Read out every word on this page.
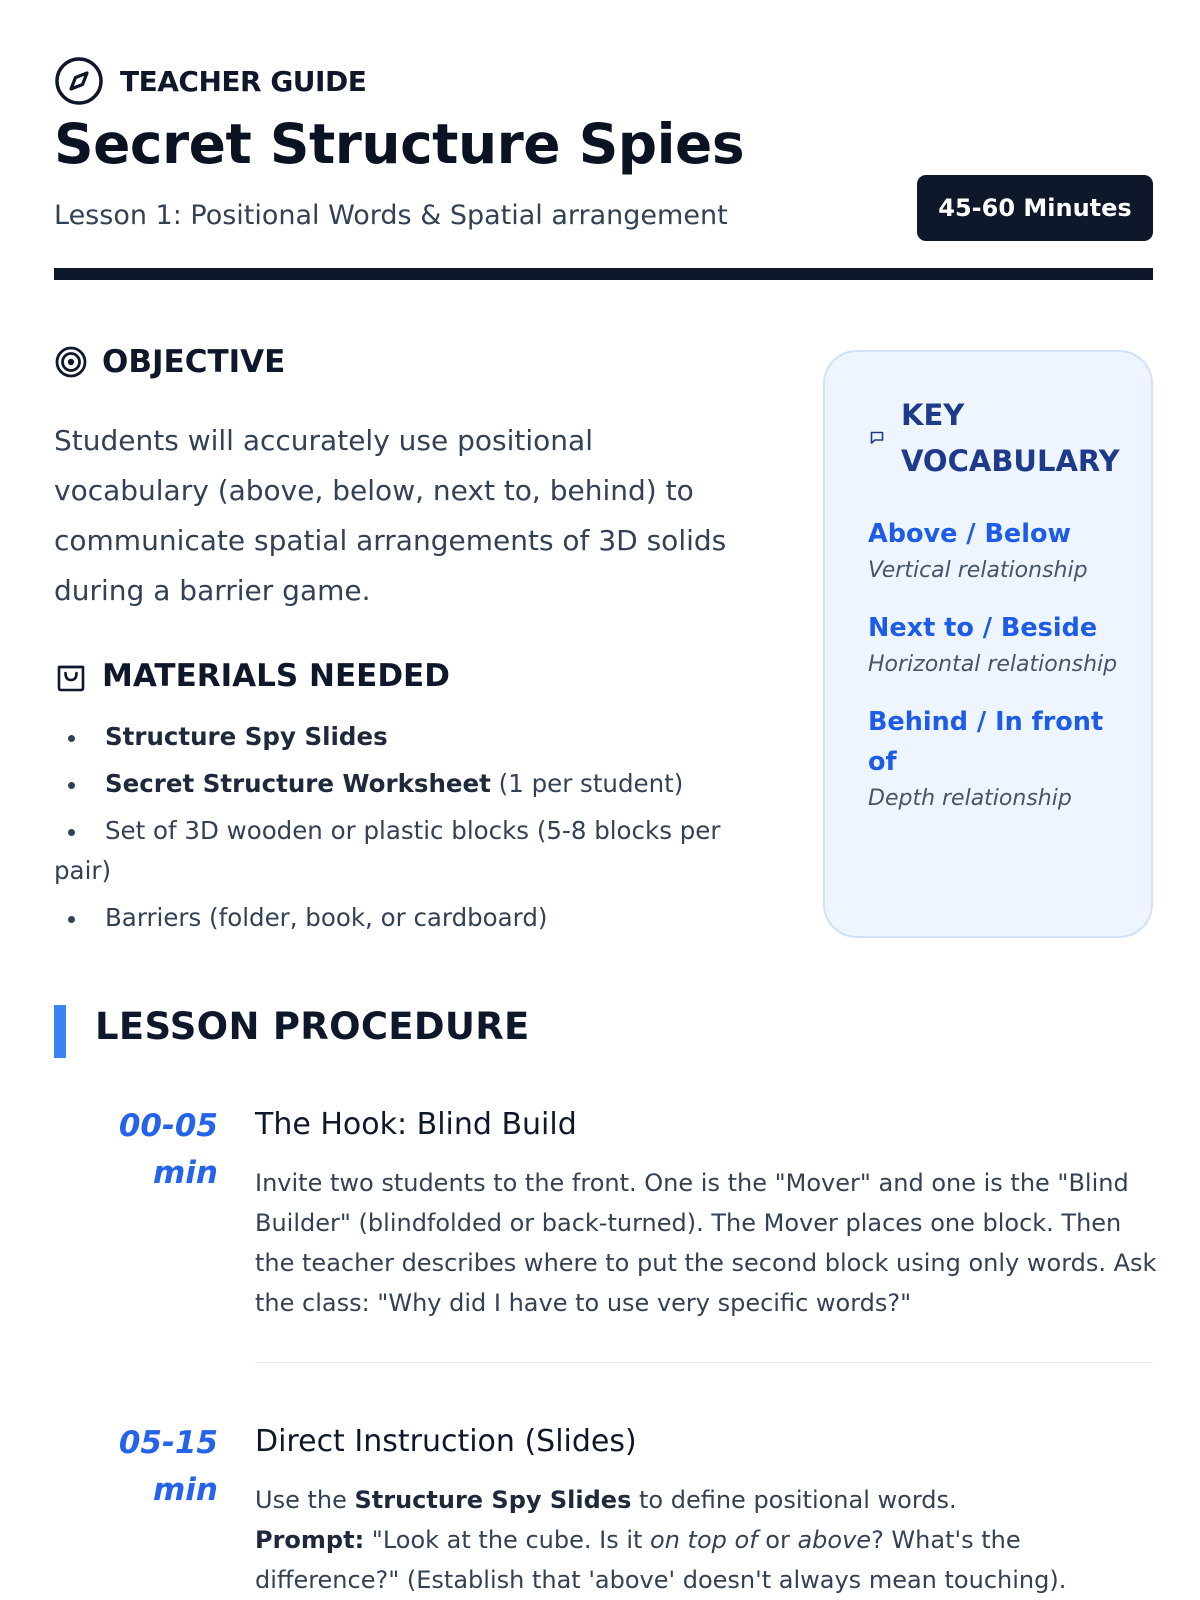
TEACHER GUIDE
Secret Structure Spies
Lesson 1: Positional Words & Spatial arrangement	45-60 Minutes
OBJECTIVE
Students will accurately use positional vocabulary (above, below, next to, behind) to communicate spatial arrangements of 3D solids during a barrier game.
MATERIALS NEEDED
Structure Spy Slides
Secret Structure Worksheet (1 per student)
Set of 3D wooden or plastic blocks (5-8 blocks per pair)
Barriers (folder, book, or cardboard)
KEY VOCABULARY
Above / Below
Vertical relationship
Next to / Beside
Horizontal relationship
Behind / In front of
Depth relationship
LESSON PROCEDURE
00-05 min
The Hook: Blind Build
Invite two students to the front. One is the "Mover" and one is the "Blind Builder" (blindfolded or back-turned). The Mover places one block. Then the teacher describes where to put the second block using only words. Ask the class: "Why did I have to use very specific words?"
05-15 min
Direct Instruction (Slides)
Use the Structure Spy Slides to define positional words.
Prompt: "Look at the cube. Is it on top of or above? What's the difference?" (Establish that 'above' doesn't always mean touching).
